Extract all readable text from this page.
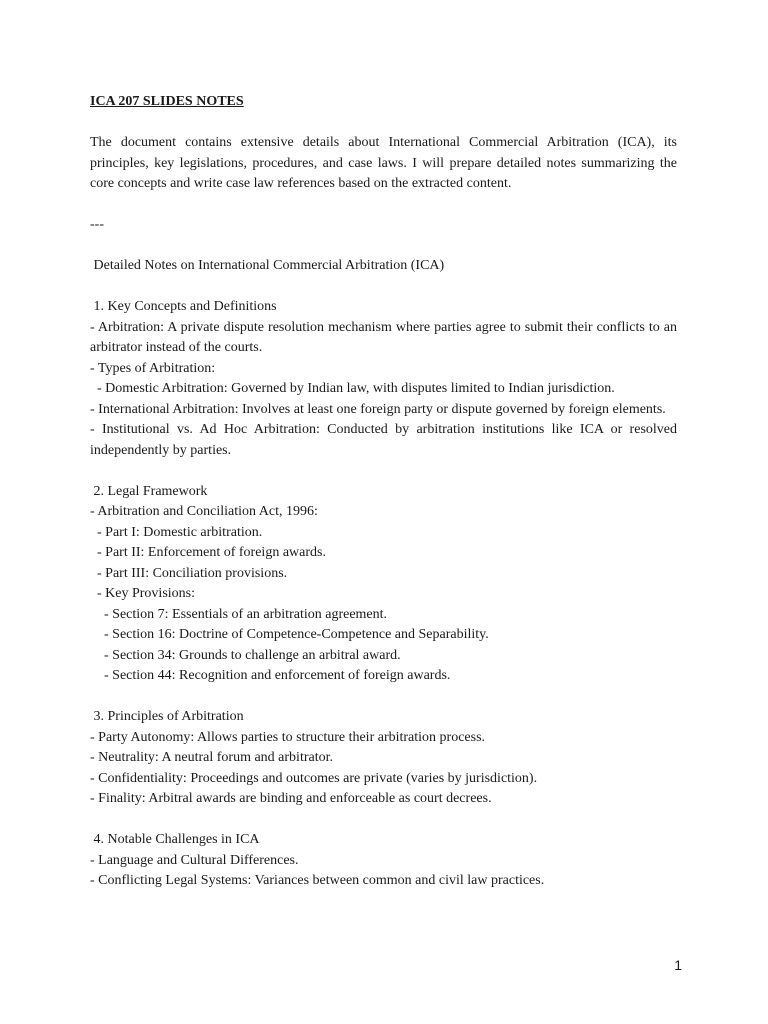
ICA 207 SLIDES NOTES

The document contains extensive details about International Commercial Arbitration (ICA), its principles, key legislations, procedures, and case laws. I will prepare detailed notes summarizing the core concepts and write case law references based on the extracted content.

---

Detailed Notes on International Commercial Arbitration (ICA)

1. Key Concepts and Definitions

- Arbitration: A private dispute resolution mechanism where parties agree to submit their conflicts to an arbitrator instead of the courts.

- Types of Arbitration:

- Domestic Arbitration: Governed by Indian law, with disputes limited to Indian jurisdiction.

- International Arbitration: Involves at least one foreign party or dispute governed by foreign elements.

- Institutional vs. Ad Hoc Arbitration: Conducted by arbitration institutions like ICA or resolved independently by parties.

2. Legal Framework

- Arbitration and Conciliation Act, 1996:

- Part I: Domestic arbitration.

- Part II: Enforcement of foreign awards.

- Part III: Conciliation provisions.

- Key Provisions:

- Section 7: Essentials of an arbitration agreement.

- Section 16: Doctrine of Competence-Competence and Separability.

- Section 34: Grounds to challenge an arbitral award.

- Section 44: Recognition and enforcement of foreign awards.

3. Principles of Arbitration

- Party Autonomy: Allows parties to structure their arbitration process.

- Neutrality: A neutral forum and arbitrator.

- Confidentiality: Proceedings and outcomes are private (varies by jurisdiction).

- Finality: Arbitral awards are binding and enforceable as court decrees.

4. Notable Challenges in ICA

- Language and Cultural Differences.

- Conflicting Legal Systems: Variances between common and civil law practices.

1
